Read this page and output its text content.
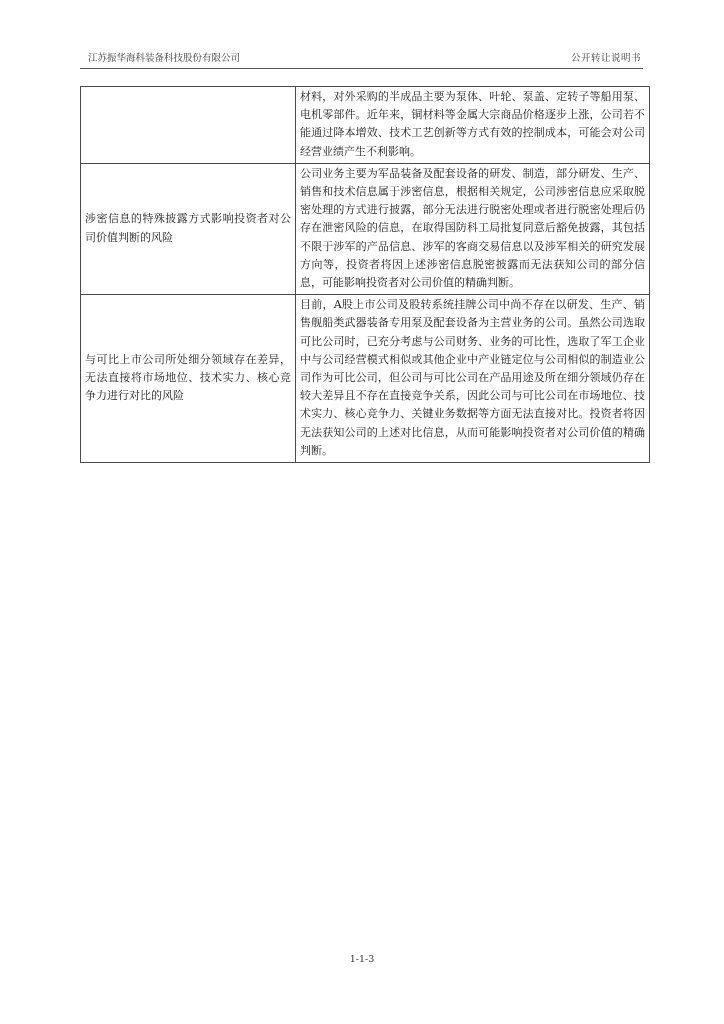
江苏振华海科装备科技股份有限公司	公开转让说明书
	材料，对外采购的半成品主要为泵体、叶轮、泵盖、定转子等船用泵、电机零部件。近年来，铜材料等金属大宗商品价格逐步上涨，公司若不能通过降本增效、技术工艺创新等方式有效的控制成本，可能会对公司经营业绩产生不利影响。
涉密信息的特殊披露方式影响投资者对公司价值判断的风险	公司业务主要为军品装备及配套设备的研发、制造，部分研发、生产、销售和技术信息属于涉密信息，根据相关规定，公司涉密信息应采取脱密处理的方式进行披露，部分无法进行脱密处理或者进行脱密处理后仍存在泄密风险的信息，在取得国防科工局批复同意后豁免披露，其包括不限于涉军的产品信息、涉军的客商交易信息以及涉军相关的研究发展方向等，投资者将因上述涉密信息脱密披露而无法获知公司的部分信息，可能影响投资者对公司价值的精确判断。
与可比上市公司所处细分领域存在差异，无法直接将市场地位、技术实力、核心竞争力进行对比的风险	目前，A股上市公司及股转系统挂牌公司中尚不存在以研发、生产、销售舰船类武器装备专用泵及配套设备为主营业务的公司。虽然公司选取可比公司时，已充分考虑与公司财务、业务的可比性，选取了军工企业中与公司经营模式相似或其他企业中产业链定位与公司相似的制造业公司作为可比公司，但公司与可比公司在产品用途及所在细分领域仍存在较大差异且不存在直接竞争关系，因此公司与可比公司在市场地位、技术实力、核心竞争力、关键业务数据等方面无法直接对比。投资者将因无法获知公司的上述对比信息，从而可能影响投资者对公司价值的精确判断。
1-1-3
